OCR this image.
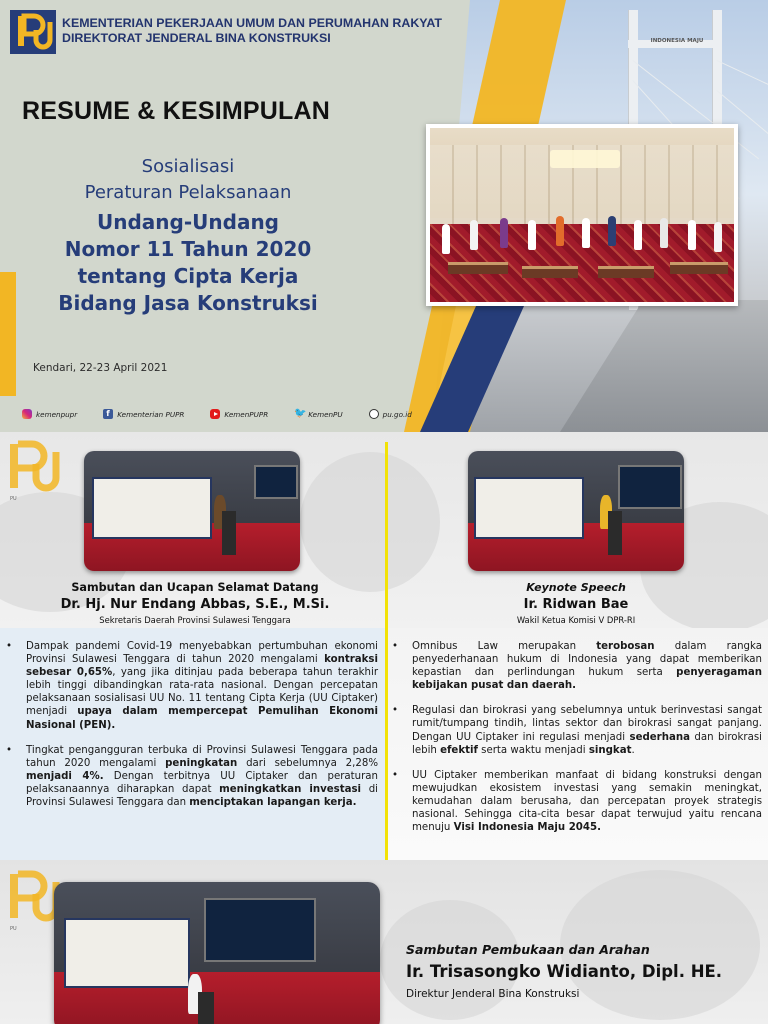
INDONESIA MAJU
KEMENTERIAN PEKERJAAN UMUM DAN PERUMAHAN RAKYAT
DIREKTORAT JENDERAL BINA KONSTRUKSI
RESUME & KESIMPULAN
Sosialisasi
Peraturan Pelaksanaan
Undang-Undang
Nomor 11 Tahun 2020
tentang Cipta Kerja
Bidang Jasa Konstruksi
Kendari, 22-23 April 2021
kemenpupr
f	Kementerian PUPR	KemenPUPR	🐦 KemenPU	pu.go.id
PU
Sambutan dan Ucapan Selamat Datang
Dr. Hj. Nur Endang Abbas, S.E., M.Si.
Sekretaris Daerah Provinsi Sulawesi Tenggara
Keynote Speech
Ir. Ridwan Bae
Wakil Ketua Komisi V DPR-RI
• Dampak pandemi Covid-19 menyebabkan pertumbuhan ekonomi Provinsi Sulawesi Tenggara di tahun 2020 mengalami kontraksi sebesar 0,65%, yang jika ditinjau pada beberapa tahun terakhir lebih tinggi dibandingkan rata-rata nasional. Dengan percepatan pelaksanaan sosialisasi UU No. 11 tentang Cipta Kerja (UU Ciptaker) menjadi upaya dalam mempercepat Pemulihan Ekonomi Nasional (PEN).
• Tingkat pengangguran terbuka di Provinsi Sulawesi Tenggara pada tahun 2020 mengalami peningkatan dari sebelumnya 2,28% menjadi 4%. Dengan terbitnya UU Ciptaker dan peraturan pelaksanaannya diharapkan dapat meningkatkan investasi di Provinsi Sulawesi Tenggara dan menciptakan lapangan kerja.
• Omnibus Law merupakan terobosan dalam rangka penyederhanaan hukum di Indonesia yang dapat memberikan kepastian dan perlindungan hukum serta penyeragaman kebijakan pusat dan daerah.
• Regulasi dan birokrasi yang sebelumnya untuk berinvestasi sangat rumit/tumpang tindih, lintas sektor dan birokrasi sangat panjang. Dengan UU Ciptaker ini regulasi menjadi sederhana dan birokrasi lebih efektif serta waktu menjadi singkat.
• UU Ciptaker memberikan manfaat di bidang konstruksi dengan mewujudkan ekosistem investasi yang semakin meningkat, kemudahan dalam berusaha, dan percepatan proyek strategis nasional. Sehingga cita-cita besar dapat terwujud yaitu rencana menuju Visi Indonesia Maju 2045.
PU
Sambutan Pembukaan dan Arahan
Ir. Trisasongko Widianto, Dipl. HE.
Direktur Jenderal Bina Konstruksi
